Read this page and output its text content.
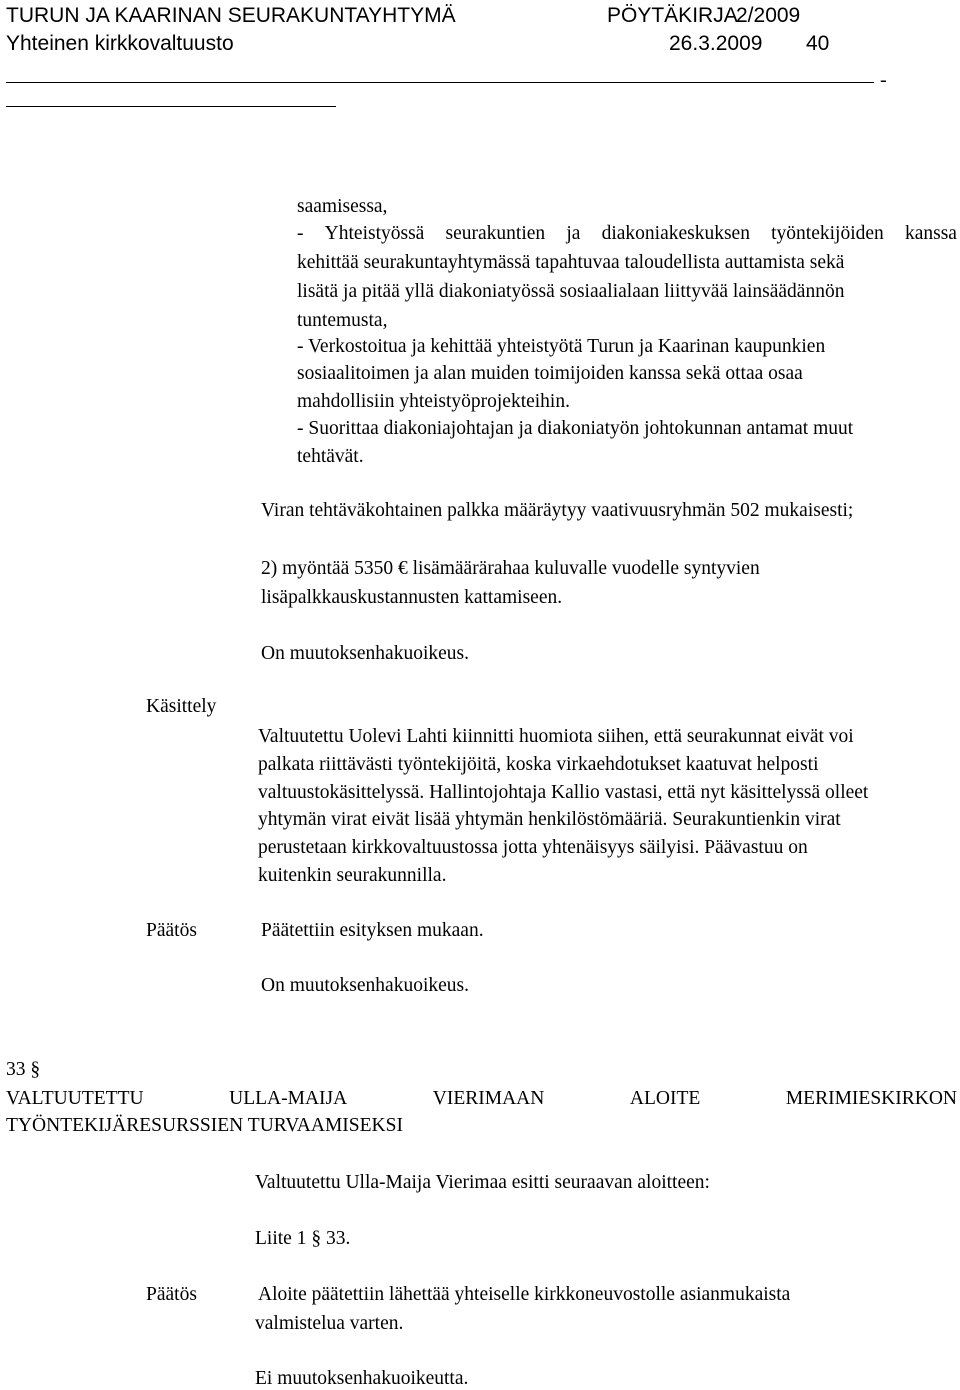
TURUN JA KAARINAN SEURAKUNTAYHTYMÄ	PÖYTÄKIRJA
2/2009
Yhteinen kirkkovaltuusto	26.3.2009 40
-
saamisessa,
- Yhteistyössä seurakuntien ja diakoniakeskuksen työntekijöiden kanssa
kehittää seurakuntayhtymässä tapahtuvaa taloudellista auttamista sekä
lisätä ja pitää yllä diakoniatyössä sosiaalialaan liittyvää lainsäädännön
tuntemusta,
- Verkostoitua ja kehittää yhteistyötä Turun ja Kaarinan kaupunkien
sosiaalitoimen ja alan muiden toimijoiden kanssa sekä ottaa osaa
mahdollisiin yhteistyöprojekteihin.
- Suorittaa diakoniajohtajan ja diakoniatyön johtokunnan antamat muut
tehtävät.
Viran tehtäväkohtainen palkka määräytyy vaativuusryhmän 502 mukaisesti;
2) myöntää 5350 € lisämäärärahaa kuluvalle vuodelle syntyvien
lisäpalkkauskustannusten kattamiseen.
On muutoksenhakuoikeus.
Käsittely
Valtuutettu Uolevi Lahti kiinnitti huomiota siihen, että seurakunnat eivät voi
palkata riittävästi työntekijöitä, koska virkaehdotukset kaatuvat helposti
valtuustokäsittelyssä. Hallintojohtaja Kallio vastasi, että nyt käsittelyssä olleet
yhtymän virat eivät lisää yhtymän henkilöstömääriä. Seurakuntienkin virat
perustetaan kirkkovaltuustossa jotta yhtenäisyys säilyisi. Päävastuu on
kuitenkin seurakunnilla.
Päätös	Päätettiin esityksen mukaan.
On muutoksenhakuoikeus.
33 §
VALTUUTETTU	ULLA-MAIJA	VIERIMAAN	ALOITE	MERIMIESKIRKON
TYÖNTEKIJÄRESURSSIEN TURVAAMISEKSI
Valtuutettu Ulla-Maija Vierimaa esitti seuraavan aloitteen:
Liite 1 § 33.
Päätös	Aloite päätettiin lähettää yhteiselle kirkkoneuvostolle asianmukaista
valmistelua varten.
Ei muutoksenhakuoikeutta.
